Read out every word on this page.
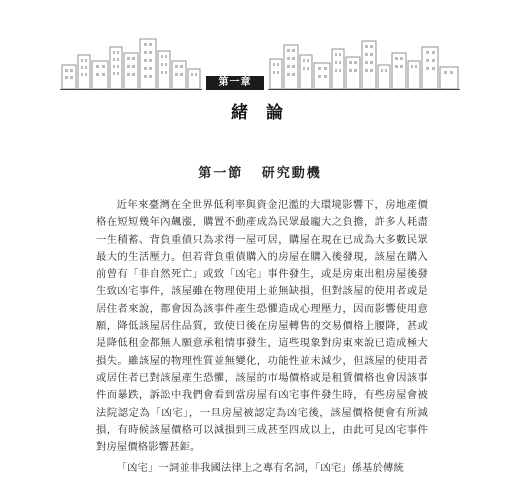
第一章
緒 論
第一節 研究動機

近年來臺灣在全世界低利率與資金氾濫的大環境影響下，房地產價格在短短幾年內飆漲，購置不動產成為民眾最龐大之負擔，許多人耗盡一生積蓄、背負重債只為求得一屋可居，購屋在現在已成為大多數民眾最大的生活壓力。但若背負重債購入的房屋在購入後發現，該屋在購入前曾有「非自然死亡」或致「凶宅」事件發生，或是房東出租房屋後發生致凶宅事件，該屋雖在物理使用上並無缺損，但對該屋的使用者或是居住者來說，都會因為該事件產生恐懼造成心理壓力，因而影響使用意願，降低該屋居住品質，致使日後在房屋轉售的交易價格上腰降，甚或是降低租金都無人願意承租情事發生，這些現象對房東來說已造成極大損失。雖該屋的物理性質並無變化，功能性並未減少，但該屋的使用者或居住者已對該屋產生恐懼，該屋的市場價格或是租賃價格也會因該事件而暴跌，訴訟中我們會看到當房屋有凶宅事件發生時，有些房屋會被法院認定為「凶宅」，一旦房屋被認定為凶宅後，該屋價格便會有所減損，有時候該屋價格可以減損到三成甚至四成以上，由此可見凶宅事件對房屋價格影響甚鉅。

「凶宅」一詞並非我國法律上之專有名詞，「凶宅」係基於傳統
